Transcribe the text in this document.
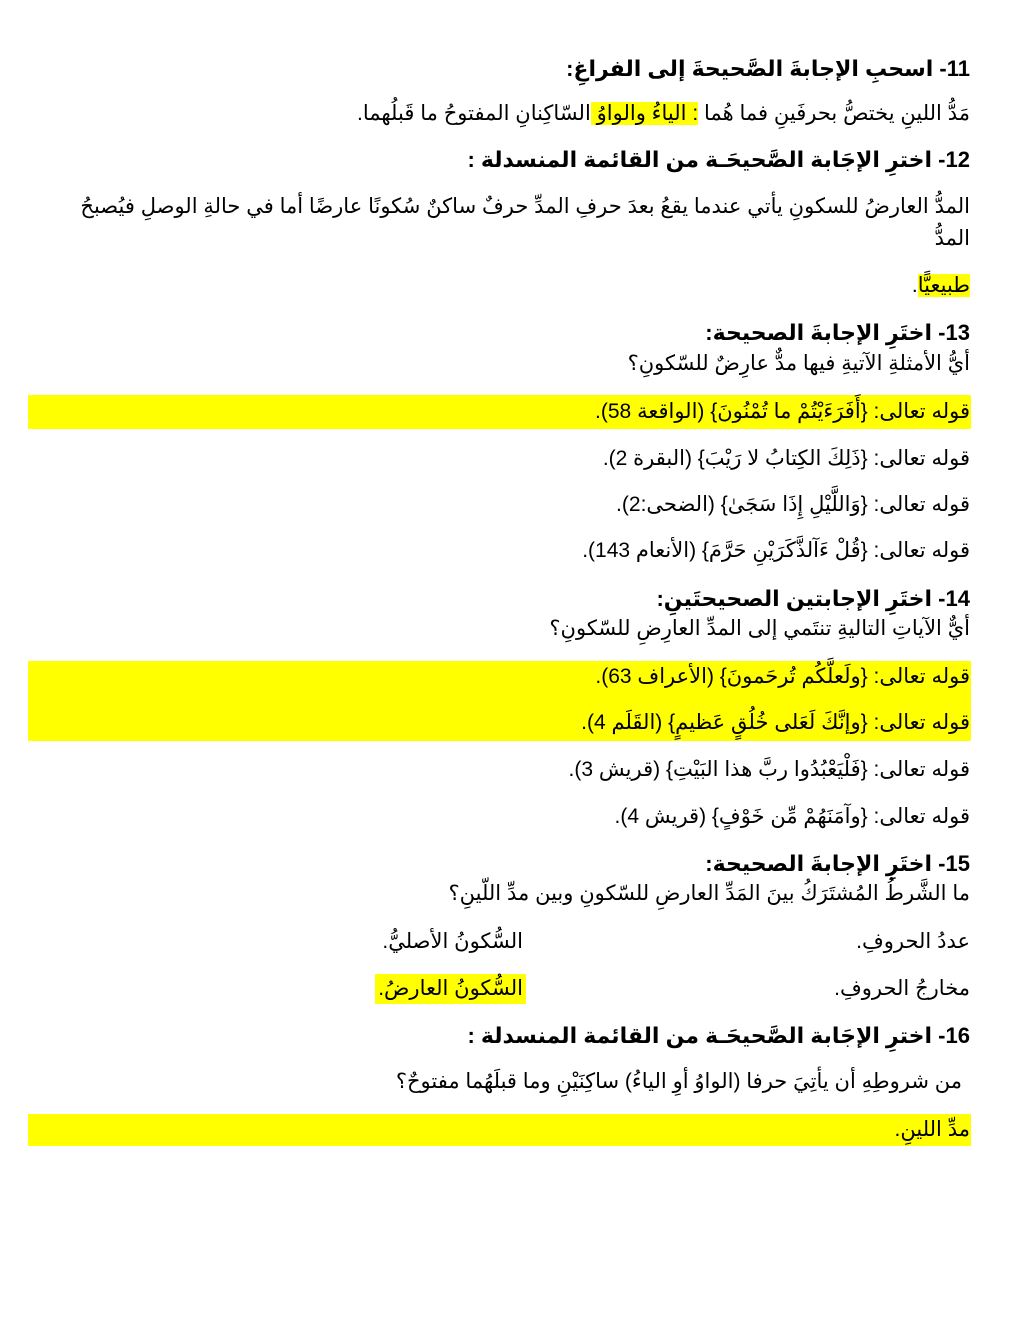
11- اسحبِ الإجابةَ الصَّحيحةَ إلى الفراغِ:
مَدُّ اللينِ يختصُّ بحرفَينِ فما هُما : الياءُ والواوُ السّاكِنانِ المفتوحُ ما قَبلُهما.
12- اخترِ الإجَابة الصَّحيحَـة من القائمة المنسدلة :
المدُّ العارضُ للسكونِ يأتي عندما يقعُ بعدَ حرفِ المدِّ حرفٌ ساكنٌ سُكونًا عارضًا أما في حالةِ الوصلِ فيُصبحُ
المدُّ
طبيعيًّا.
13- اختَرِ الإجابةَ الصحيحة:
أيُّ الأمثلةِ الآتيةِ فيها مدٌّ عارِضٌ للسّكونِ؟
قوله تعالى: {أَفَرَءَيْتُمْ ما تُمْنُونَ} (الواقعة 58).
قوله تعالى: {ذَلِكَ الكِتابُ لا رَيْبَ} (البقرة 2).
قوله تعالى: {وَاللَّيْلِ إِذَا سَجَىٰ} (الضحى:2).
قوله تعالى: {قُلْ ءَآلذَّكَرَيْنِ حَرَّمَ} (الأنعام 143).
14- اختَرِ الإجابتين الصحيحتَينِ:
أيٌّ الآياتِ التاليةِ تنتَمي إلى المدِّ العارِضِ للسّكونِ؟
قوله تعالى: {ولَعلَّكُم تُرحَمونَ} (الأعراف 63).
قوله تعالى: {وإنَّكَ لَعَلى خُلُقٍ عَظيمٍ} (القَلَم 4).
قوله تعالى: {فَلْيَعْبُدُوا ربَّ هذا البَيْتِ} (قريش 3).
قوله تعالى: {وآمَنَهُمْ مِّن خَوْفٍ} (قريش 4).
15- اختَرِ الإجابةَ الصحيحة:
ما الشَّرطُ المُشتَرَكُ بينَ المَدِّ العارضِ للسّكونِ وبين مدِّ اللّينِ؟
عددُ الحروفِ.
السُّكونُ الأصليُّ.
مخارجُ الحروفِ.
السُّكونُ العارضُ.
16- اخترِ الإجَابة الصَّحيحَـة من القائمة المنسدلة :
من شروطِهِ أن يأتِيَ حرفا (الواوُ أوِ الياءُ) ساكِنَيْنِ وما قبلَهُما مفتوحٌ؟
مدِّ اللينِ.
